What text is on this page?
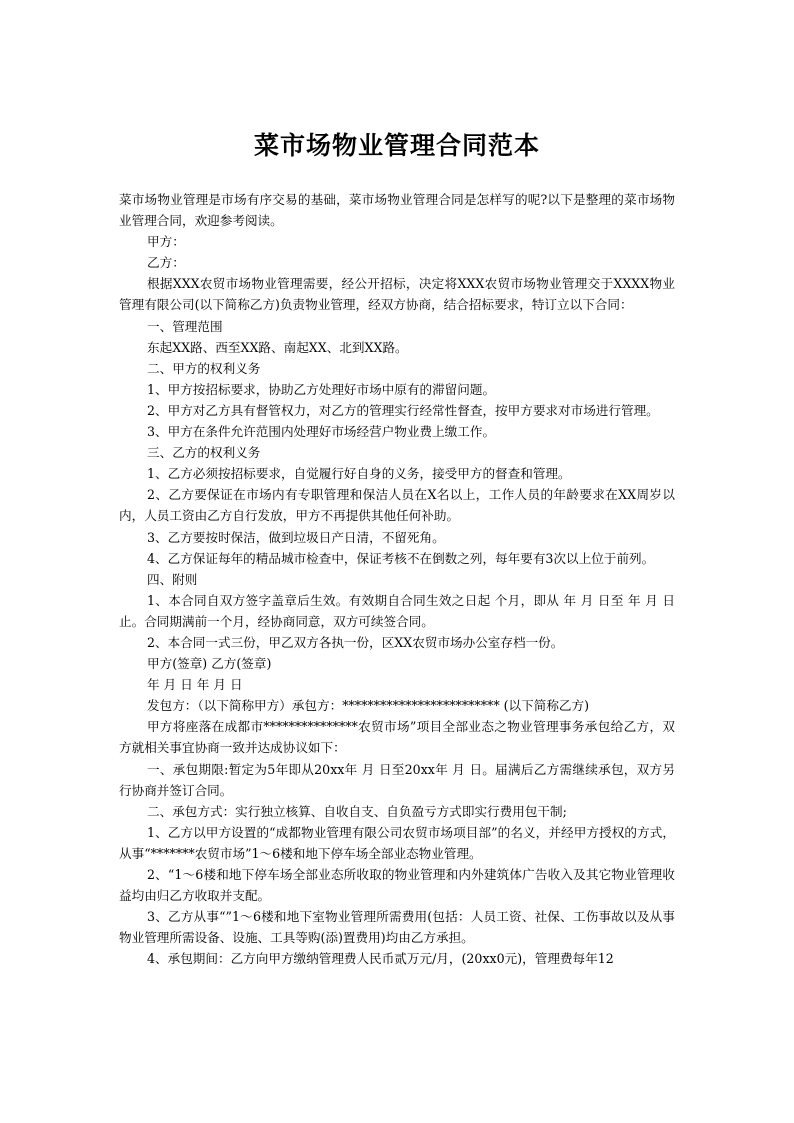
菜市场物业管理合同范本

菜市场物业管理是市场有序交易的基础，菜市场物业管理合同是怎样写的呢?以下是整理的菜市场物业管理合同，欢迎参考阅读。

甲方：

乙方：

根据XXX农贸市场物业管理需要，经公开招标，决定将XXX农贸市场物业管理交于XXXX物业管理有限公司(以下简称乙方)负责物业管理，经双方协商，结合招标要求，特订立以下合同：

一、管理范围

东起XX路、西至XX路、南起XX、北到XX路。

二、甲方的权利义务

1、甲方按招标要求，协助乙方处理好市场中原有的滞留问题。

2、甲方对乙方具有督管权力，对乙方的管理实行经常性督查，按甲方要求对市场进行管理。

3、甲方在条件允许范围内处理好市场经营户物业费上缴工作。

三、乙方的权利义务

1、乙方必须按招标要求，自觉履行好自身的义务，接受甲方的督查和管理。

2、乙方要保证在市场内有专职管理和保洁人员在X名以上，工作人员的年龄要求在XX周岁以内，人员工资由乙方自行发放，甲方不再提供其他任何补助。

3、乙方要按时保洁，做到垃圾日产日清，不留死角。

4、乙方保证每年的精品城市检查中，保证考核不在倒数之列，每年要有3次以上位于前列。

四、附则

1、本合同自双方签字盖章后生效。有效期自合同生效之日起 个月，即从 年 月 日至 年 月 日止。合同期满前一个月，经协商同意，双方可续签合同。

2、本合同一式三份，甲乙双方各执一份，区XX农贸市场办公室存档一份。

甲方(签章) 乙方(签章)

年 月 日 年 月 日

发包方：（以下简称甲方）承包方：************************* (以下简称乙方)

甲方将座落在成都市***************农贸市场”项目全部业态之物业管理事务承包给乙方，双方就相关事宜协商一致并达成协议如下：

一、承包期限:暂定为5年即从20xx年 月 日至20xx年 月 日。届满后乙方需继续承包，双方另行协商并签订合同。

二、承包方式：实行独立核算、自收自支、自负盈亏方式即实行费用包干制;

1、乙方以甲方设置的“成都物业管理有限公司农贸市场项目部”的名义，并经甲方授权的方式，从事“*******农贸市场”1～6楼和地下停车场全部业态物业管理。

2、“1～6楼和地下停车场全部业态所收取的物业管理和内外建筑体广告收入及其它物业管理收益均由归乙方收取并支配。

3、乙方从事“”1～6楼和地下室物业管理所需费用(包括：人员工资、社保、工伤事故以及从事物业管理所需设备、设施、工具等购(添)置费用)均由乙方承担。

4、承包期间：乙方向甲方缴纳管理费人民币贰万元/月，(20xx0元)，管理费每年12
